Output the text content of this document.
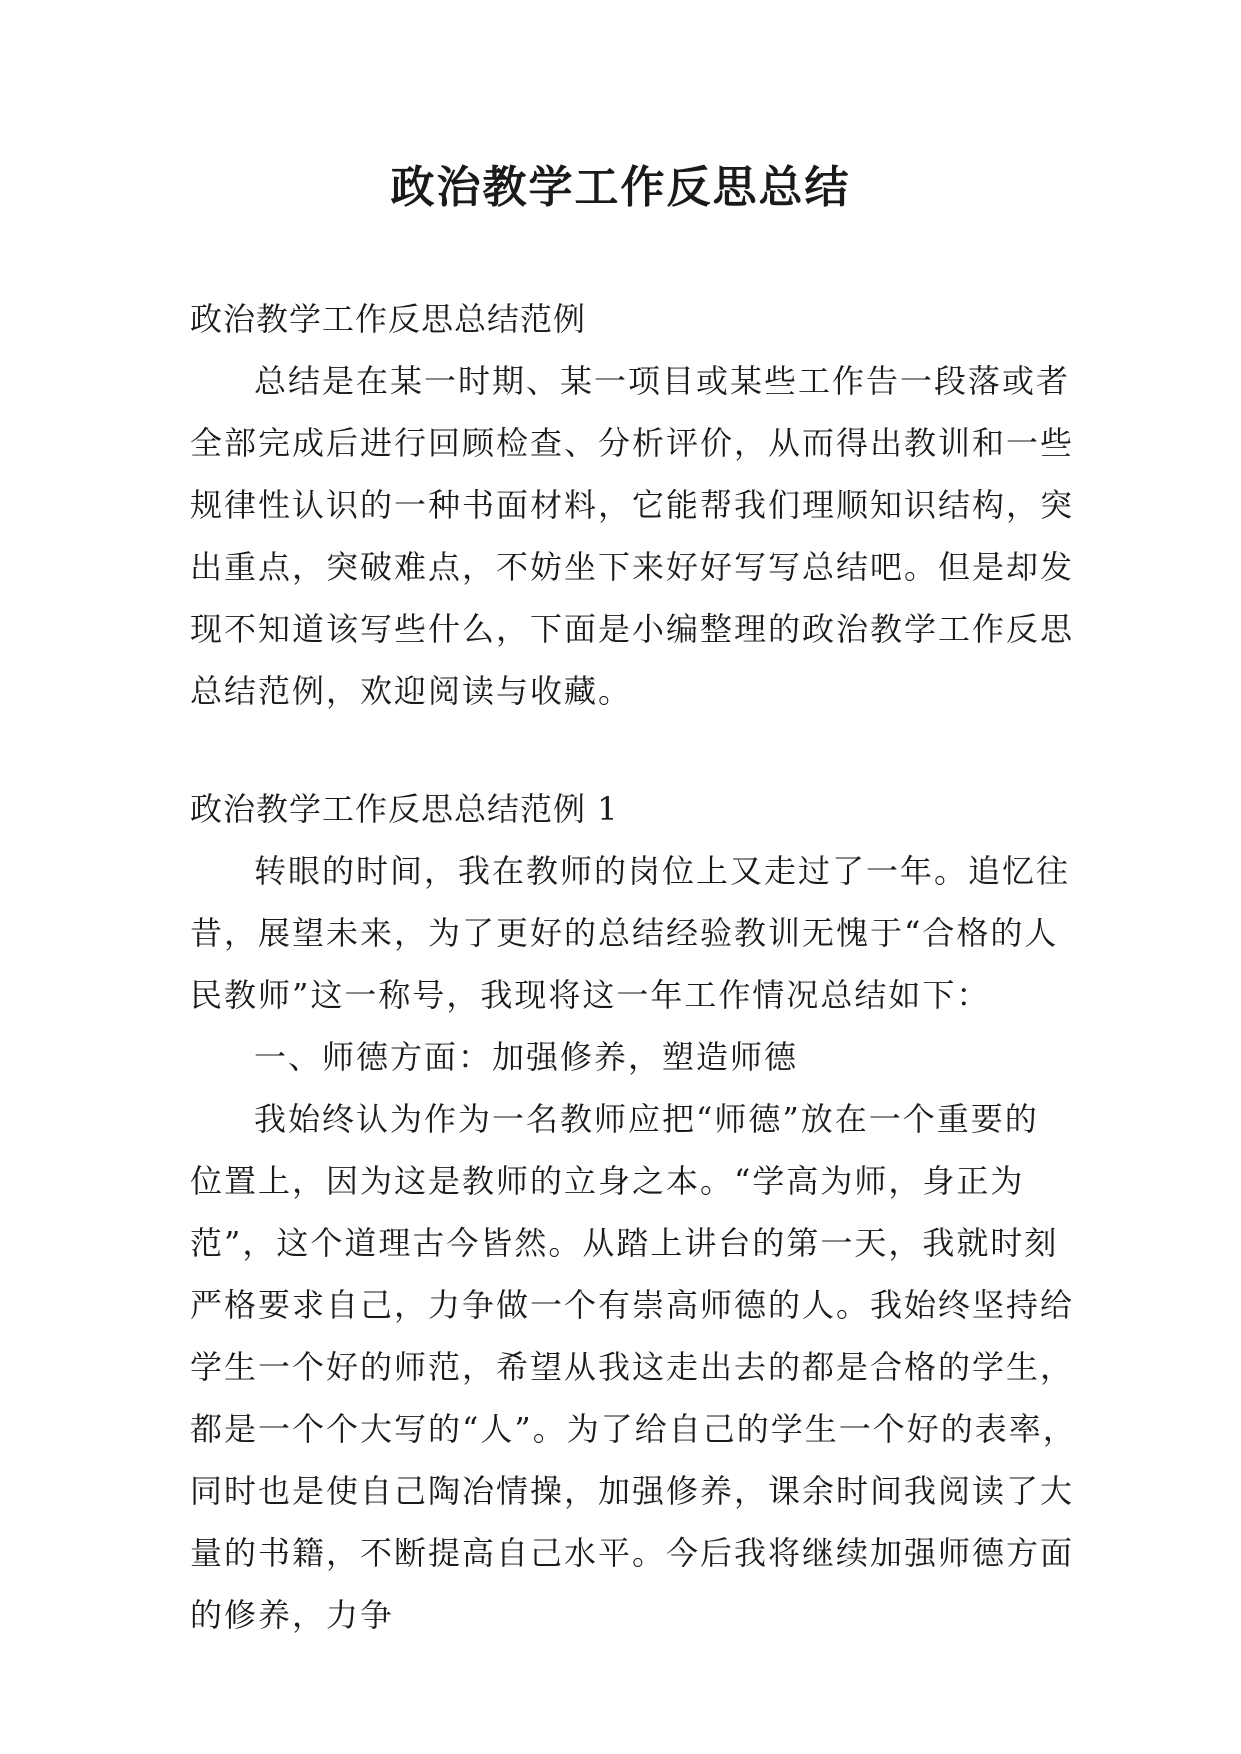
政治教学工作反思总结
政治教学工作反思总结范例
总结是在某一时期、某一项目或某些工作告一段落或者
全部完成后进行回顾检查、分析评价，从而得出教训和一些
规律性认识的一种书面材料，它能帮我们理顺知识结构，突
出重点，突破难点，不妨坐下来好好写写总结吧。但是却发
现不知道该写些什么，下面是小编整理的政治教学工作反思
总结范例，欢迎阅读与收藏。
政治教学工作反思总结范例 1
转眼的时间，我在教师的岗位上又走过了一年。追忆往
昔，展望未来，为了更好的总结经验教训无愧于“合格的人
民教师”这一称号，我现将这一年工作情况总结如下：
一、师德方面：加强修养，塑造师德
我始终认为作为一名教师应把“师德”放在一个重要的
位置上，因为这是教师的立身之本。“学高为师，身正为
范”，这个道理古今皆然。从踏上讲台的第一天，我就时刻
严格要求自己，力争做一个有崇高师德的人。我始终坚持给
学生一个好的师范，希望从我这走出去的都是合格的学生，
都是一个个大写的“人”。为了给自己的学生一个好的表率，
同时也是使自己陶冶情操，加强修养，课余时间我阅读了大
量的书籍，不断提高自己水平。今后我将继续加强师德方面
的修养，力争
